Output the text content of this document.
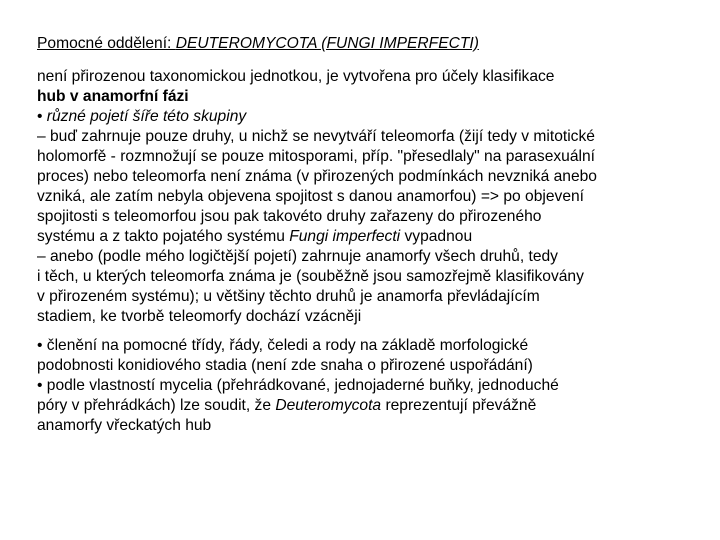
Pomocné oddělení: DEUTEROMYCOTA (FUNGI IMPERFECTI)
není přirozenou taxonomickou jednotkou, je vytvořena pro účely klasifikace
hub v anamorfní fázi
• různé pojetí šíře této skupiny
– buď zahrnuje pouze druhy, u nichž se nevytváří teleomorfa (žijí tedy v mitotické
holomorfě - rozmnožují se pouze mitosporami, příp. "přesedlaly" na parasexuální
proces) nebo teleomorfa není známa (v přirozených podmínkách nevzniká anebo
vzniká, ale zatím nebyla objevena spojitost s danou anamorfou) => po objevení
spojitosti s teleomorfou jsou pak takovéto druhy zařazeny do přirozeného
systému a z takto pojatého systému Fungi imperfecti vypadnou
– anebo (podle mého logičtější pojetí) zahrnuje anamorfy všech druhů, tedy
i těch, u kterých teleomorfa známa je (souběžně jsou samozřejmě klasifikovány
v přirozeném systému); u většiny těchto druhů je anamorfa převládajícím
stadiem, ke tvorbě teleomorfy dochází vzácněji
• členění na pomocné třídy, řády, čeledi a rody na základě morfologické
podobnosti konidiového stadia (není zde snaha o přirozené uspořádání)
• podle vlastností mycelia (přehrádkované, jednojaderné buňky, jednoduché
póry v přehrádkách) lze soudit, že Deuteromycota reprezentují převážně
anamorfy vřeckatých hub
